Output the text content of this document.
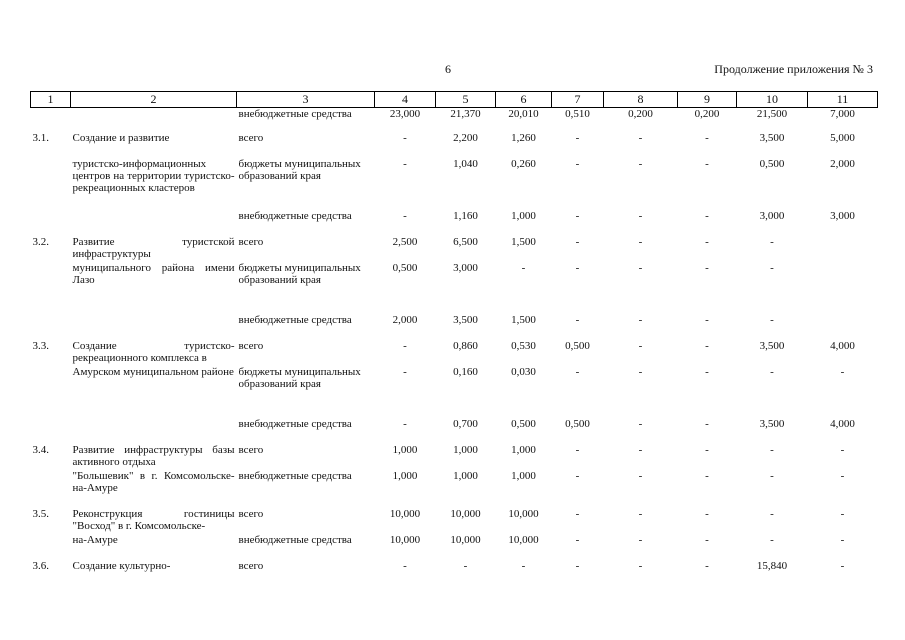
6	Продолжение приложения № 3
1	2	3	4	5	6	7	8	9	10	11
		внебюджетные средства	23,000	21,370	20,010	0,510	0,200	0,200	21,500	7,000
3.1.	Создание и развитие	всего	-	2,200	1,260	-	-	-	3,500	5,000
	туристско-информационных центров на территории туристско-рекреационных кластеров	бюджеты муниципальных образований края	-	1,040	0,260	-	-	-	0,500	2,000
		внебюджетные средства	-	1,160	1,000	-	-	-	3,000	3,000
3.2.	Развитие туристской инфраструктуры	всего	2,500	6,500	1,500	-	-	-	-	
	муниципального района имени Лазо	бюджеты муниципальных образований края	0,500	3,000	-	-	-	-	-	
		внебюджетные средства	2,000	3,500	1,500	-	-	-	-	
3.3.	Создание туристско-рекреационного комплекса в	всего	-	0,860	0,530	0,500	-	-	3,500	4,000
	Амурском муниципальном районе	бюджеты муниципальных образований края	-	0,160	0,030	-	-	-	-	-
		внебюджетные средства	-	0,700	0,500	0,500	-	-	3,500	4,000
3.4.	Развитие инфраструктуры базы активного отдыха	всего	1,000	1,000	1,000	-	-	-	-	-
	"Большевик" в г. Комсомольске-на-Амуре	внебюджетные средства	1,000	1,000	1,000	-	-	-	-	-
3.5.	Реконструкция гостиницы "Восход" в г. Комсомольске-	всего	10,000	10,000	10,000	-	-	-	-	-
	на-Амуре	внебюджетные средства	10,000	10,000	10,000	-	-	-	-	-
3.6.	Создание культурно-	всего	-	-	-	-	-	-	15,840	-
